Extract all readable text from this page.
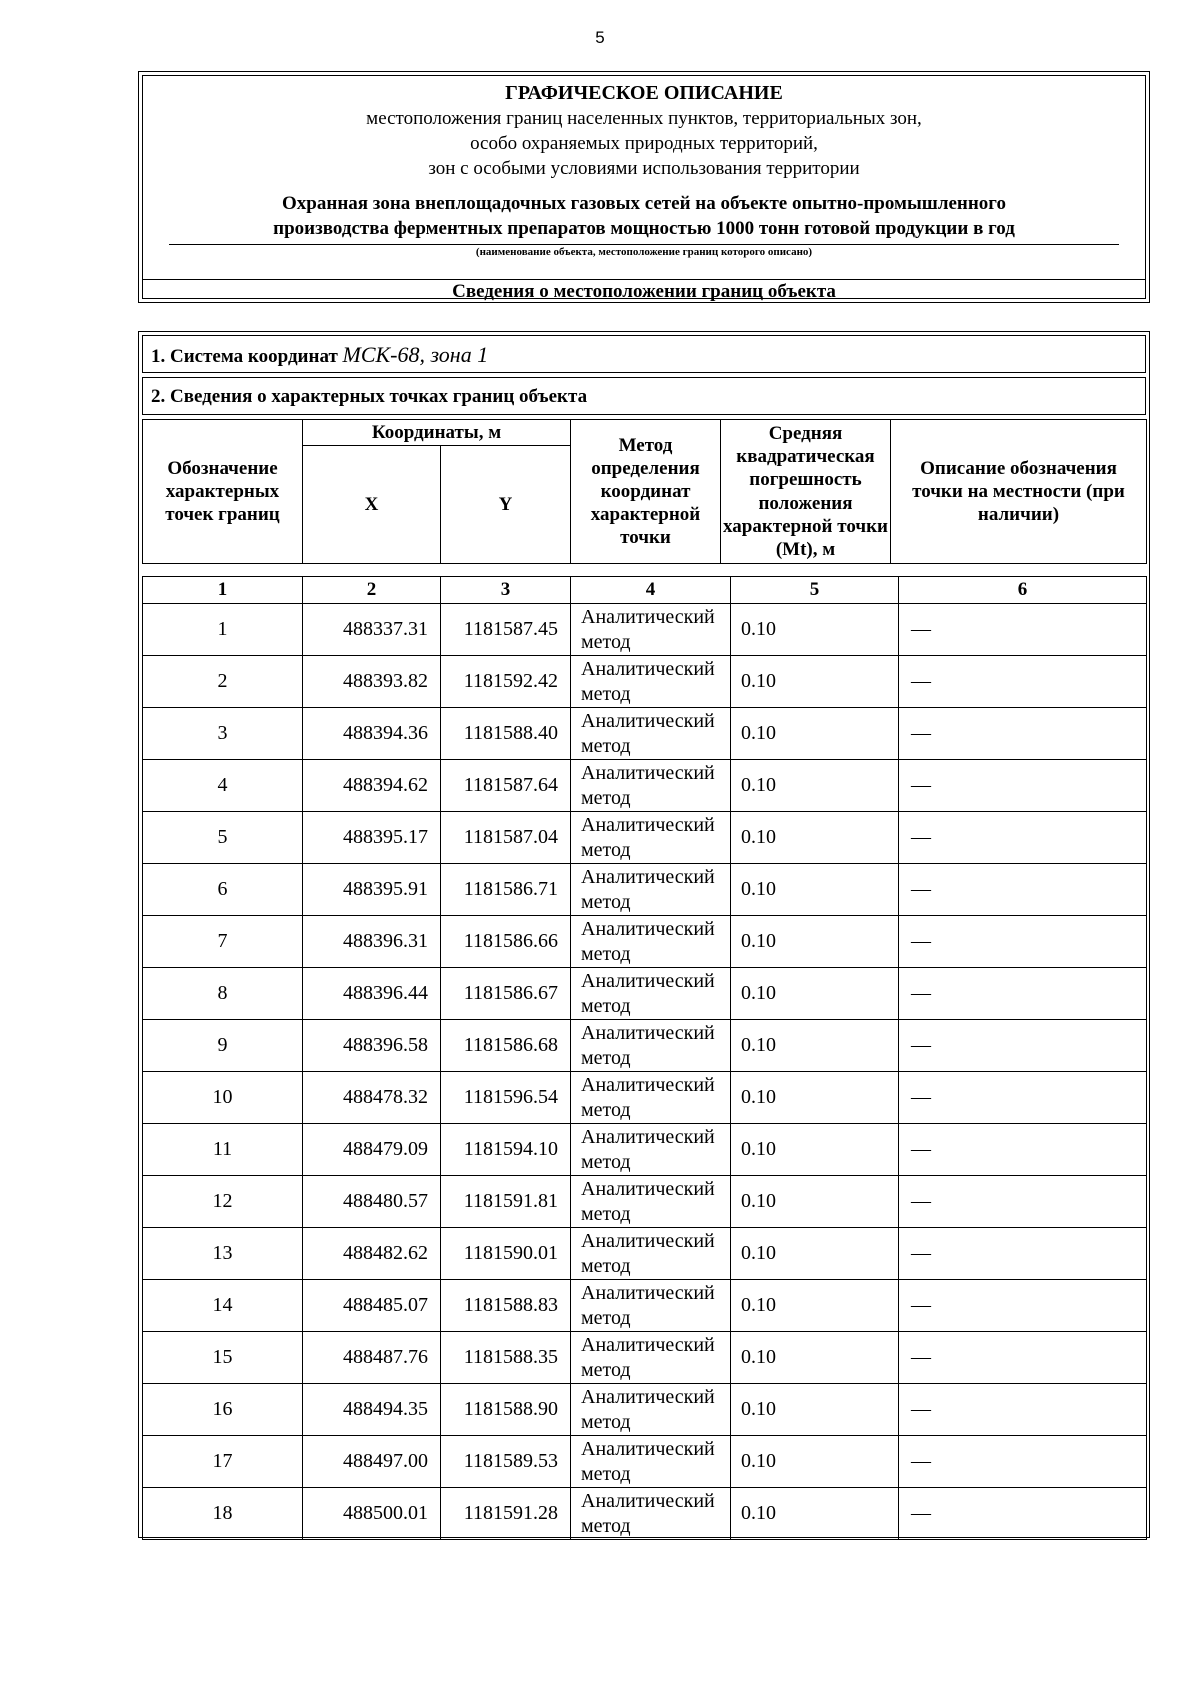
5
ГРАФИЧЕСКОЕ ОПИСАНИЕ
местоположения границ населенных пунктов, территориальных зон,
особо охраняемых природных территорий,
зон с особыми условиями использования территории
Охранная зона внеплощадочных газовых сетей на объекте опытно-промышленного
производства ферментных препаратов мощностью 1000 тонн готовой продукции в год
(наименование объекта, местоположение границ которого описано)
Сведения о местоположении границ объекта
1. Система координат МСК-68, зона 1
2. Сведения о характерных точках границ объекта
Обозначение характерных точек границ	Координаты, м		Метод определения координат характерной точки	Средняя квадратическая погрешность положения характерной точки (Mt), м	Описание обозначения точки на местности (при наличии)
	X	Y			
1	2	3	4	5	6
1	488337.31	1181587.45	Аналитический метод	0.10	—
2	488393.82	1181592.42	Аналитический метод	0.10	—
3	488394.36	1181588.40	Аналитический метод	0.10	—
4	488394.62	1181587.64	Аналитический метод	0.10	—
5	488395.17	1181587.04	Аналитический метод	0.10	—
6	488395.91	1181586.71	Аналитический метод	0.10	—
7	488396.31	1181586.66	Аналитический метод	0.10	—
8	488396.44	1181586.67	Аналитический метод	0.10	—
9	488396.58	1181586.68	Аналитический метод	0.10	—
10	488478.32	1181596.54	Аналитический метод	0.10	—
11	488479.09	1181594.10	Аналитический метод	0.10	—
12	488480.57	1181591.81	Аналитический метод	0.10	—
13	488482.62	1181590.01	Аналитический метод	0.10	—
14	488485.07	1181588.83	Аналитический метод	0.10	—
15	488487.76	1181588.35	Аналитический метод	0.10	—
16	488494.35	1181588.90	Аналитический метод	0.10	—
17	488497.00	1181589.53	Аналитический метод	0.10	—
18	488500.01	1181591.28	Аналитический метод	0.10	—
